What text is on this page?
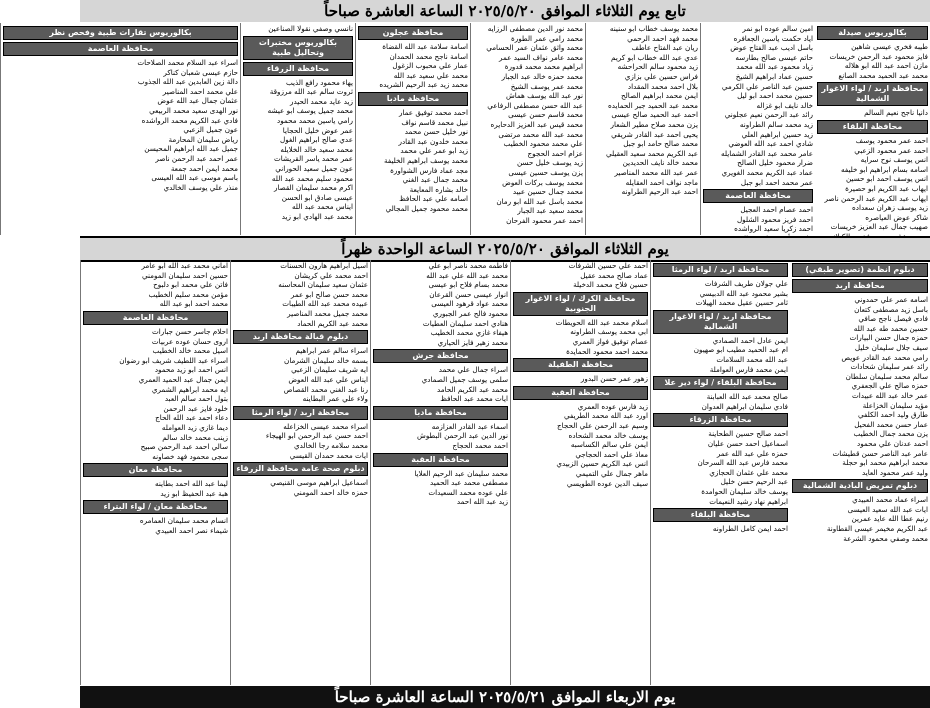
تابع يوم الثلاثاء الموافق ٢٠٢٥/٥/٢٠ الساعة العاشرة صباحاً
بكالوريوس صيدلة
طيبه فخري عيسى شاهين
فايز محمود عبد الرحمن خريسات
مازن احمد عبد الله ابو هلاله
محمد عبد الحميد محمد الصانع
محافظة اربد / لواء الاغوار الشمالية
دانيا ناجح نعيم السالم
محافظة البلقاء
احمد عمر محمود يوسف
احمد عمر محمود الزعبي
انس يوسف نوح سرايه
اسامه بسام ابراهيم ابو خليفه
انس يوسف احمد ابو حسين
ايهاب عبد الكريم ابو حصيرة
ايهاب عبد الكريم عبد الرحمن ناصر
زيد يوسف زهران سعداده
شاكر عوض العياصره
صهيب جمال عبد العزيز خريسات
امين سالم عوده ابو نمر
اياد حكمت ياسين الجعافره
باسل اديب عبد الفتاح عوض
حاتم عيسى صالح بطارسه
زياد محمود عبد الله محمد
حسين عماد ابراهيم الشيخ
حسين عبد الناصر علي الكرمي
حسين محمد احمد ابو ليل
خالد نايف ابو غزاله
رائد عبد الرحمن نعيم عجلوني
زيد محمد سالم الطراونه
زيد حسين ابراهيم العلي
شادي احمد عبد الله العوضي
عامر محمد عبد القادر الشمايله
ضرار محمود خليل الصالح
عماد عبد الكريم محمد الغويري
عمر محمد احمد ابو جبل
محافظة العاصمة
احمد عصام احمد العجيل
احمد فريز محمود الشلول
احمد زكريا سعيد الرواشده
محمد يوسف خطاب ابو سنينه
محمد فهد احمد الرحمي
ريان عبد الفتاح عاطف
عدي عبد الله خطاب ابو كريم
زيد محمود سالم الحراحشه
فراس حسين علي بزازي
بلال احمد محمد المقداد
ايمن محمد ابراهيم الصالح
محمد عبد الحميد جبر الحمايده
احمد عبد الحميد صالح عيسى
يزن محمد صلاح مطير الشعار
يحيى احمد عبد القادر شريقي
محمد صالح حامد ابو جبل
عبد الكريم محمد سعيد العقيلي
محمد خالد نايف الحديدين
عمر عبد الله محمد المناصير
ماجد نواف احمد العقايله
احمد عبد الرحيم الطراونه
محمد نور الدين مصطفى الرزايه
محمد رامي عمر الطورة
محمد واثق عثمان عمر الحسامي
محمد عامر نواف السيد عمر
ابراهيم محمد محمد قدورة
محمد حمزه خالد عبد الجبار
محمد عمر يوسف الشيخ
نور عبد الله يوسف هماش
عبد الله حسن مصطفى الرفاعي
محمد قاسم حسن عيسى
محمد قيس عبد العزيز الدحايره
محمد عبد الله محمد مرتضى
علي محمد محمود الخطيب
عزام احمد الحجوج
زيد يوسف خليل حسن
يزن يوسف حسين عيسى
محمد يوسف بركات العوض
محمد جمال حسين عبيد
محمد باسل عبد الله ابو رمان
محمد سعيد عبد الجبار
احمد عمر محمود الفرحان
محافظة عجلون
اسامة سلامة عبد الله القضاة
اسامة ناجح محمد الحمدان
عمار علي محبوب الزغول
محمد علي سعيد عبد الله
محمد زيد عبد الرحيم الشريده
محافظة مادبا
احمد محمد توفيق عمار
نبيل محمد قاسم نواف
نور خليل حسن محمد
محمد خلدون عبد القادر
زيد ابو عمر علي محمد
محمد يوسف ابراهيم الخليفة
مجد عماد فارس الشواورة
محمد جمال عبد الغني
خالد بشاره المعايعة
اسامه علي عبد الحافظ
محمد محمود جميل المجالي
نانسي وصفي نقولا الصناعين
بكالوريوس مختبرات وتحاليل طبية
محافظة الزرقاء
يهاء محمود رافع الذيب
ثروت سالم عبد الله مرزوقة
زيد عايد محمد الحيدر
محمد جميل يوسف ابو عيشه
رامي ياسين محمد محمود
عمر عوض خليل الحجايا
عدي صالح ابراهيم الغول
محمد سعيد خالد الخلايله
عمر محمد ياسر القريشات
عون جميل سعيد الحوراني
محمود سليم محمد عبد الله
اكرم محمد سليمان القصار
عيسى صادق ابو الحسن
ايناس محمد عبد الله
محمد عبد الهادي ابو زيد
بكالوريوس تقارات طبية وفحص نظر
محافظة العاصمة
اسراء عبد السلام محمد الصلاحات
حازم عيسى شعبان كناكر
دالة زين العابدين عبد الله الجذوب
علي محمد احمد المناصير
عثمان جمال عبد الله عوض
نور الهدى سعيد محمد الربيعي
فادي عبد الكريم محمد الرواشده
عون جميل الزعبي
رياض سليمان المحارمة
جميل عبد الله ابراهيم المحيسن
عمر احمد عبد الرحمن ناصر
محمد ايمن احمد جمعة
باسم موسى عبد الله العيسى
منذر علي يوسف الخالدي
يوم الثلاثاء الموافق ٢٠٢٥/٥/٢٠ الساعة الواحدة ظهراً
دبلوم انظمة (تصوير طبقي)
محافظة اربد
اسامه عمر علي حمدوني
باسل زيد مصطفى كتعان
فادي فيصل ناجح صافي
حسين محمد طه عبد الله
حمزه جمال حسن البيارات
سيف جلال سليمان خليل
رامي محمد عبد القادر عويص
رائد عمر سليمان شحادات
سالم محمد سليمان سلطان
حمزه صالح علي الجعفري
عمر خالد عبد الله عبيدات
مؤيد سليمان الخزاعلة
طارق وليد احمد الكلفي
عمار حسن محمد الفحيل
يزن محمد جمال الخطيب
احمد عدنان علي محمود
عامر عبد الناصر حسن قطيشات
محمد ابراهيم محمد ابو حجلة
وليد عمر محمود العايد
دبلوم تمريض البادية الشمالية
اسراء عماد محمد العبيدي
ايات عبد الله سعيد العيسى
رنيم عطا الله عايد عمرين
عبد الكريم مخيمر عيسى القطاونة
محمد وصفي محمود الشرعة
محافظة اربد / لواء الرمثا
علي جولان طريف الشرفات
بشير محمود عبد الله الدبيسي
ثامر حسين عقيل محمد الهيلات
محافظة اربد / لواء الاغوار الشمالية
ايمن عادل احمد الصمادي
ام عبد الحميد مطيب ابو صهيون
عبد الله محمد السلامات
ايمن محمد فارس العواملة
محافظة البلقاء / لواء دير علا
صالح محمد عبد الله العبابنة
فادي سليمان ابراهيم العدوان
محافظة الزرقاء
احمد صالح حسين الطحاينة
اسماعيل احمد حسن عليان
حمزه علي عبد الله عمر
محمد فارس عبد الله السرحان
محمد علي عثمان الحجازي
عبد الرحيم حسن خليل
يوسف خالد سليمان الحوامدة
ابراهيم نهاد رشيد النعيمات
محافظة البلقاء
احمد ايمن كامل الطراونه
احمد علي حسين الشرفات
عماد صالح محمد عقيل
حسين فلاح محمد الدخيلة
محافظة الكرك / لواء الاغوار الجنوبية
اسلام محمد عبد الله الحويطات
ابي محمد يوسف الطراونه
عصام توفيق فواز العمري
محمد احمد محمود الحمايدة
محافظة الطفيلة
زهور عمر حسن البدور
محافظة العقبة
زيد فارس عوده العمري
اورد عبد الله محمد الطريفي
وسيم عبد الرحمن علي الحجاج
يوسف خالد محمد الشحاده
ايمن علي سالم الكساسبه
معاذ علي احمد الحجاجي
انس عبد الكريم حسين الزبيدي
ماهر جمال علي التميمي
سيف الدين عوده الطويسي
فاطمه محمد ناصر ابو علي
محمد عبد الله علي عبد الله
محمد بسام فلاح ابو عيسى
انوار عيسى حسن القرعان
محمد عواد قرهود العيسى
محمود فالح عمر الجبوري
هنادي احمد سليمان العطيات
هيفاء غازي محمد الخطيب
محمد زهير فايز الحياري
محافظة جرش
اسراء جمال علي محمد
سلمى يوسف جميل الصمادي
محمد عبد الكريم الحامد
ايات محمد عبد الحافظ
محافظة مادبا
اسماء عبد القادر العزازمه
نور الدين عبد الرحمن البطوش
احمد محمد الحجاج
محافظة العقبة
محمد سليمان عبد الرحيم العلايا
مصطفى محمد عبد الحميد
علي عوده محمد السعيدات
زيد عبد الله احمد
اسيل ابراهيم هارون الحسنات
احمد محمد علي كريشان
عثمان سعيد سليمان المحاسنه
محمد حسن صالح ابو عمر
عبيده محمد عبد الله الطيبات
محمد جميل محمد المناصير
محمد عبد الكريم الحماد
دبلوم قبالة محافظة اربد
اسراء سالم عمر ابراهيم
بسمه خالد سليمان الشرمان
ايه شريف سليمان الزعبي
ايناس علي عبد الله العوض
رنا عبد الغني محمد القصاص
ولاء علي عمر البطاينه
محافظة اربد / لواء الرمثا
اسراء محمد عيسى الخزاعله
احمد حسن عبد الرحمن ابو الهيجاء
محمد سلامه رجا الخالدي
ايات محمد حمدان القيسي
دبلوم صحة عامة محافظة الزرقاء
اسماعيل ابراهيم موسى القنيصي
حمزه خالد احمد المومني
اماني محمد عبد الله ابو عامر
حسين احمد سليمان المومني
فاتن علي محمد ابو دلبوح
مؤمن محمد سليم الخطيب
محمد احمد ابو عبد الله
محافظة العاصمة
احلام جاسر حسن جبارات
اروى حسان عوده عربيات
اسيل محمد خالد الخطيب
اسراء عبد اللطيف شريف ابو رضوان
انس احمد ابو زيد محمود
ايمن جمال عبد الحميد العمري
ايه محمد ابراهيم الشمري
بتول احمد سالم العبد
خلود فايز عبد الرحمن
دعاء احمد عبد الله الحاج
ديما غازي زيد العوامله
زينب محمد خالد سالم
سالي احمد عبد الرحمن صبيح
سجى محمود فهد خصاونه
محافظة معان
ليما عبد الله احمد بطاينه
هبة عبد الحفيظ ابو زيد
محافظة معان / لواء البتراء
انسام محمد سليمان العمامره
شيماء نصر احمد العبيدي
يوم الاربعاء الموافق ٢٠٢٥/٥/٢١ الساعة العاشرة صباحاً
